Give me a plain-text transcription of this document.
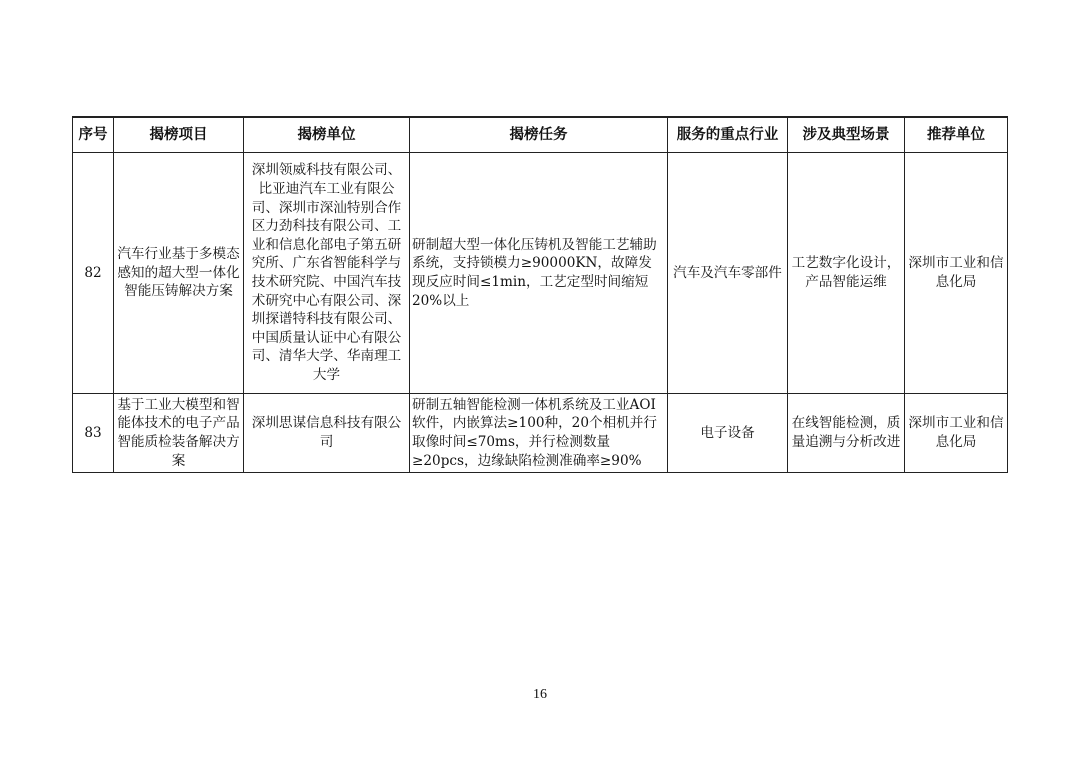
序号	揭榜项目	揭榜单位	揭榜任务	服务的重点行业	涉及典型场景	推荐单位
82	汽车行业基于多模态感知的超大型一体化智能压铸解决方案	深圳领威科技有限公司、比亚迪汽车工业有限公司、深圳市深汕特别合作区力劲科技有限公司、工业和信息化部电子第五研究所、广东省智能科学与技术研究院、中国汽车技术研究中心有限公司、深圳探谱特科技有限公司、中国质量认证中心有限公司、清华大学、华南理工大学	研制超大型一体化压铸机及智能工艺辅助系统，支持锁模力≥90000KN，故障发现反应时间≤1min，工艺定型时间缩短20%以上	汽车及汽车零部件	工艺数字化设计，产品智能运维	深圳市工业和信息化局
83	基于工业大模型和智能体技术的电子产品智能质检装备解决方案	深圳思谋信息科技有限公司	研制五轴智能检测一体机系统及工业AOI软件，内嵌算法≥100种，20个相机并行取像时间≤70ms，并行检测数量≥20pcs，边缘缺陷检测准确率≥90%	电子设备	在线智能检测，质量追溯与分析改进	深圳市工业和信息化局
16
